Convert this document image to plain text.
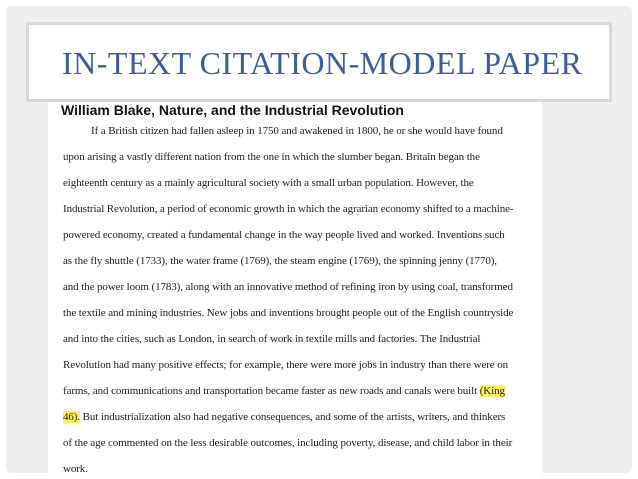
William Blake, Nature, and the Industrial Revolution
If a British citizen had fallen asleep in 1750 and awakened in 1800, he or she would have found
upon arising a vastly different nation from the one in which the slumber began. Britain began the
eighteenth century as a mainly agricultural society with a small urban population. However, the
Industrial Revolution, a period of economic growth in which the agrarian economy shifted to a machine-
powered economy, created a fundamental change in the way people lived and worked. Inventions such
as the fly shuttle (1733), the water frame (1769), the steam engine (1769), the spinning jenny (1770),
and the power loom (1783), along with an innovative method of refining iron by using coal, transformed
the textile and mining industries. New jobs and inventions brought people out of the English countryside
and into the cities, such as London, in search of work in textile mills and factories. The Industrial
Revolution had many positive effects; for example, there were more jobs in industry than there were on
farms, and communications and transportation became faster as new roads and canals were built (King
46). But industrialization also had negative consequences, and some of the artists, writers, and thinkers
of the age commented on the less desirable outcomes, including poverty, disease, and child labor in their
work.
IN-TEXT CITATION-MODEL PAPER
